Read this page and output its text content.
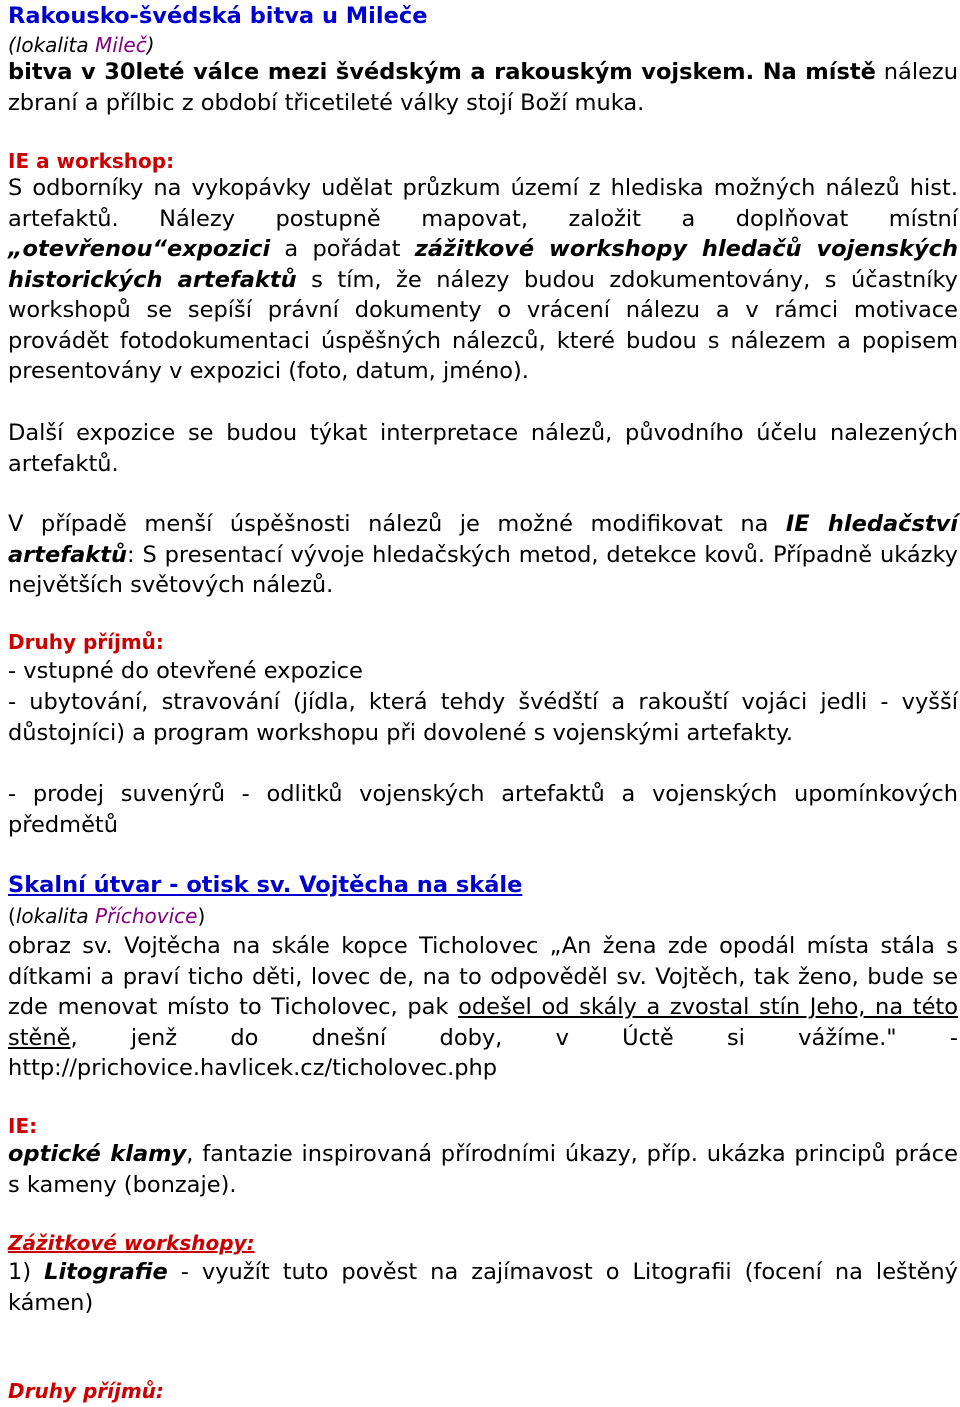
Rakousko-švédská bitva u Mileče
(lokalita Mileč)
bitva v 30leté válce mezi švédským a rakouským vojskem. Na místě nálezu zbraní a přílbic z období třicetileté války stojí Boží muka.
IE a workshop:
S odborníky na vykopávky udělat průzkum území z hlediska možných nálezů hist. artefaktů. Nálezy postupně mapovat, založit a doplňovat místní „otevřenou“expozici a pořádat zážitkové workshopy hledačů vojenských historických artefaktů s tím, že nálezy budou zdokumentovány, s účastníky workshopů se sepíší právní dokumenty o vrácení nálezu a v rámci motivace provádět fotodokumentaci úspěšných nálezců, které budou s nálezem a popisem presentovány v expozici (foto, datum, jméno).
Další expozice se budou týkat interpretace nálezů, původního účelu nalezených artefaktů.
V případě menší úspěšnosti nálezů je možné modifikovat na IE hledačství artefaktů: S presentací vývoje hledačských metod, detekce kovů. Případně ukázky největších světových nálezů.
Druhy příjmů:
- vstupné do otevřené expozice
- ubytování, stravování (jídla, která tehdy švédští a rakouští vojáci jedli - vyšší důstojníci) a program workshopu při dovolené s vojenskými artefakty.
- prodej suvenýrů - odlitků vojenských artefaktů a vojenských upomínkových předmětů
Skalní útvar - otisk sv. Vojtěcha na skále
(lokalita Příchovice)
obraz sv. Vojtěcha na skále kopce Ticholovec „An žena zde opodál místa stála s dítkami a praví ticho děti, lovec de, na to odpověděl sv. Vojtěch, tak ženo, bude se zde menovat místo to Ticholovec, pak odešel od skály a zvostal stín Jeho, na této stěně, jenž do dnešní doby, v Úctě si vážíme." - http://prichovice.havlicek.cz/ticholovec.php
IE:
optické klamy, fantazie inspirovaná přírodními úkazy, příp. ukázka principů práce s kameny (bonzaje).
Zážitkové workshopy:
1) Litografie - využít tuto pověst na zajímavost o Litografii (focení na leštěný kámen)
Druhy příjmů:
